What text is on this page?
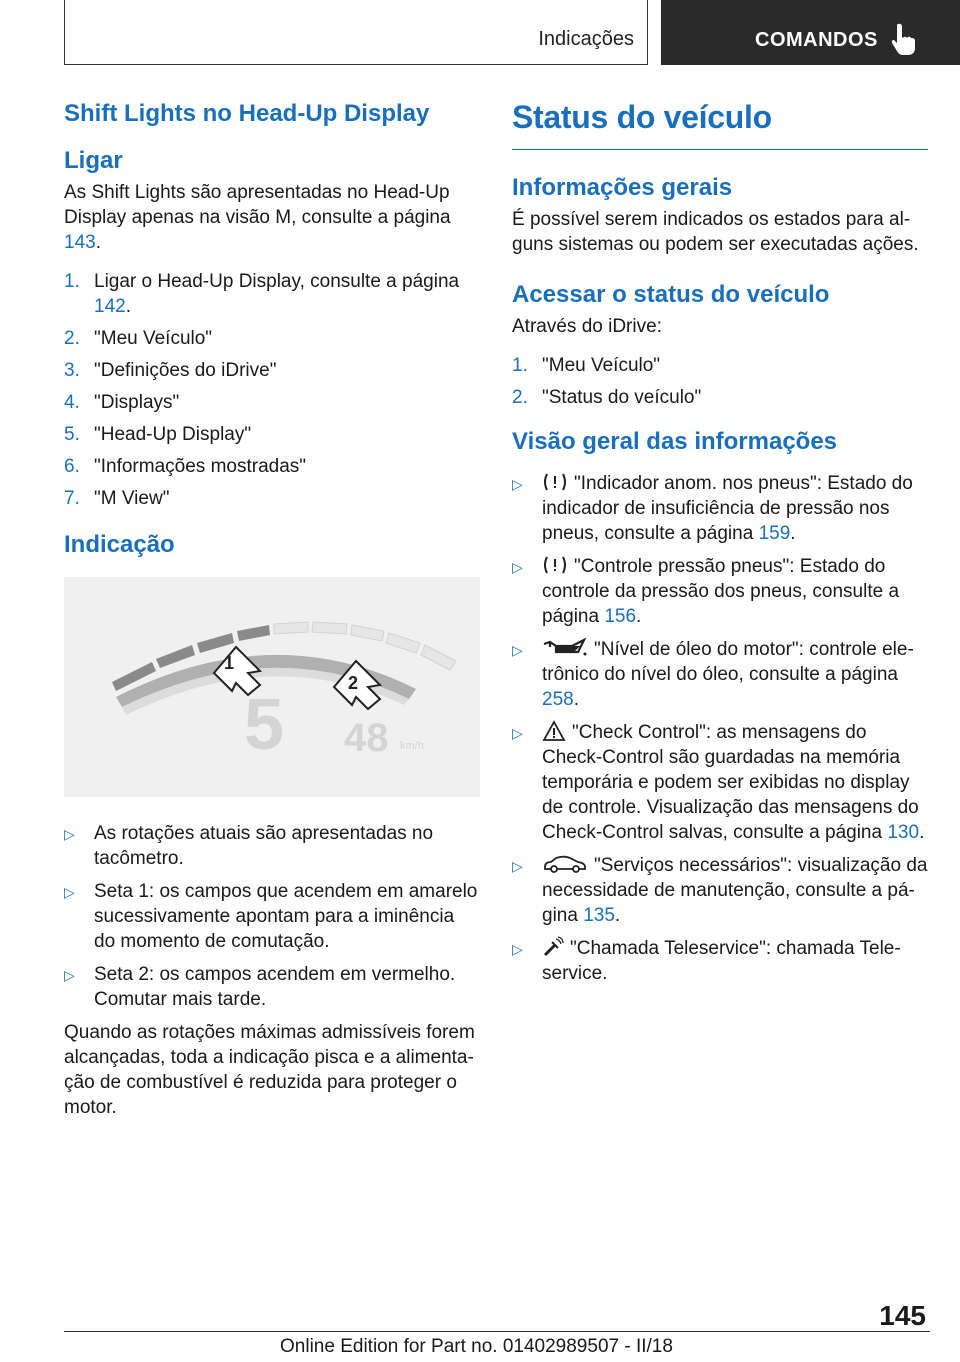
Indicações	COMANDOS
Shift Lights no Head-Up Display
Ligar

As Shift Lights são apresentadas no Head-Up Display apenas na visão M, consulte a página 143.

1. Ligar o Head-Up Display, consulte a página
142.
2. "Meu Veículo"
3. "Definições do iDrive"
4. "Displays"
5. "Head-Up Display"
6. "Informações mostradas"
7. "M View"
Indicação
1
2
5 48 km/h
▷ As rotações atuais são apresentadas no tacômetro.
▷ Seta 1: os campos que acendem em amarelo sucessivamente apontam para a iminência do momento de comutação.
▷ Seta 2: os campos acendem em vermelho. Comutar mais tarde.

Quando as rotações máximas admissíveis forem alcançadas, toda a indicação pisca e a alimentação de combustível é reduzida para proteger o motor.

Status do veículo
Informações gerais

É possível serem indicados os estados para alguns sistemas ou podem ser executadas ações.

Acessar o status do veículo

Através do iDrive:

1. "Meu Veículo"
2. "Status do veículo"
Visão geral das informações
▷	"Indicador anom. nos pneus": Estado do indicador de insuficiência de pressão nos pneus, consulte a página 159.
▷	"Controle pressão pneus": Estado do controle da pressão dos pneus, consulte a página 156.
▷	"Nível de óleo do motor": controle eletrônico do nível do óleo, consulte a página
258.
▷	"Check Control": as mensagens do Check-Control são guardadas na memória temporária e podem ser exibidas no display de controle. Visualização das mensagens do Check-Control salvas, consulte a página 130.
▷	"Serviços necessários": visualização da necessidade de manutenção, consulte a página 135.
▷ "Chamada Teleservice": chamada Teleservice.
145
Online Edition for Part no. 01402989507 - II/18
